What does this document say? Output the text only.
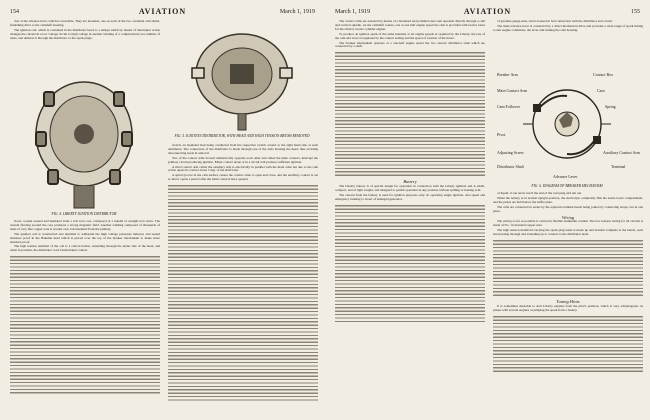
154	AVIATION	March 1, 1919

tion of the advance lever, which is reversible. They are mounted, one on each of the two overhead cam shafts, furnishing drive to the camshaft housing.

The ignition coil, which is contained in the distributor head, is a design which by means of interrupter action changes the current in a low voltage circuit to high voltage in another winding of a comparatively low number of turns, and delivers it through the distributor to the spark plugs.

FIG. 4. LIBERTY IGNITION DISTRIBUTOR

flows, wound around and insulated from a soft iron core, composed of a bundle of straight iron wires. The current flowing around the core produces a strong magnetic field. Another winding composed of thousands of turns of very fine copper wire is wound over, but insulated from the primary.

The ignition coil is constructed and installed to withstand the high voltage pressures induced, and sealed moisture proof in the Bakelite head which is placed over the top of the breaker mechanism to make more moisture proof.

The high tension terminal of the coil is a carbon button, extending through the under side of the head, and when in position, the distributor rotor brush makes contact.

FIG. 5. IGNITION DISTRIBUTOR, WITH HEAD AND HIGH TENSION BRUSH REMOVED

switch, an insulated lead being conducted from the respective switch contact to the right hand side of each distributor. The connection of the distributor is made through one of the ends housing the head, thus avoiding disconnecting leads in removal.

Two of the contact arms located diametrically opposite each other and called the main contacts, interrupt the primary circuit producing ignition. Either contact alone or in a circuit will produce sufficient ignition.

A third contact arm called the auxiliary arm is electrically in parallel with the main arms but due to the cam action opens its contact about 5 deg. of the shaft later.

A spiral groove in the cam surface causes the contact arms to open and close, and the auxiliary contact is set so that it opens a period after the main contacts have opened.

March 1, 1919	AVIATION	155

The contact arms are actuated by means of a hardened and polished steel cam operated directly through a cam and vertical spindle. As the camshaft rotates, one at one half engine speed the cam is provided with twelve lobes for the Liberty twelve cylinder engine.

To produce an ignition spark of the same intensity at all engine speeds as required by the Liberty, the rate of the cam and wave is regulated by the contact setting and the speed of rotation of the motor.

The breaker mechanism operates at a one-half engine speed the two current distributor arms which are connected by a shaft.

Battery

The Liberty battery is of special design for operation in connection with the Liberty ignition and is small, compact, and of light weight, and designed to permit operation in any position without spilling or leaking acid.

The current from the battery is used for ignition purposes only. In operating single ignition, also speed and emergency running to revert of damaged generator.

of gasoline gauge-tube, and is housed in bad connection with the distributor and circuit.

The main advance lever is connected by a direct mechanical drive and provides a wide range of spark timing to suit engine conditions, the lever arm turning the cam housing.

Breaker Arm	Contact Box
Main Contact Arm	Cam
Cam Follower	Spring
Pivot
Auxiliary Contact Arm
Adjusting Screw
Terminal
Distributor Shaft
Advance Lever
FIG. 6. DIAGRAM OF BREAKER MECHANISM

of liquid, it can never reach the end of the vent plug and run out.

When the battery is in normal upright position, the electrolyte completely fills the entire lower compartment, and the plates are held below the baffle plate.

The cells are connected in series by the adjacent terminal heads being joined by connecting straps cast in one piece.

Wiring

The wiring so far as possible is carried in flexible aluminum conduit. The low tension wiring for all circuits is made of No. 14 stranded copper wire.

The high tension manifold carrying the spark plug leads is made up and braided complete at the bench, each lead passing through and extending up to connect to the distributor head.

Tuning Hints

It is sometimes desirable to start Liberty engines from the pilot's position, which is very advantageous on planes with several engines or jumping the spark from a battery.
